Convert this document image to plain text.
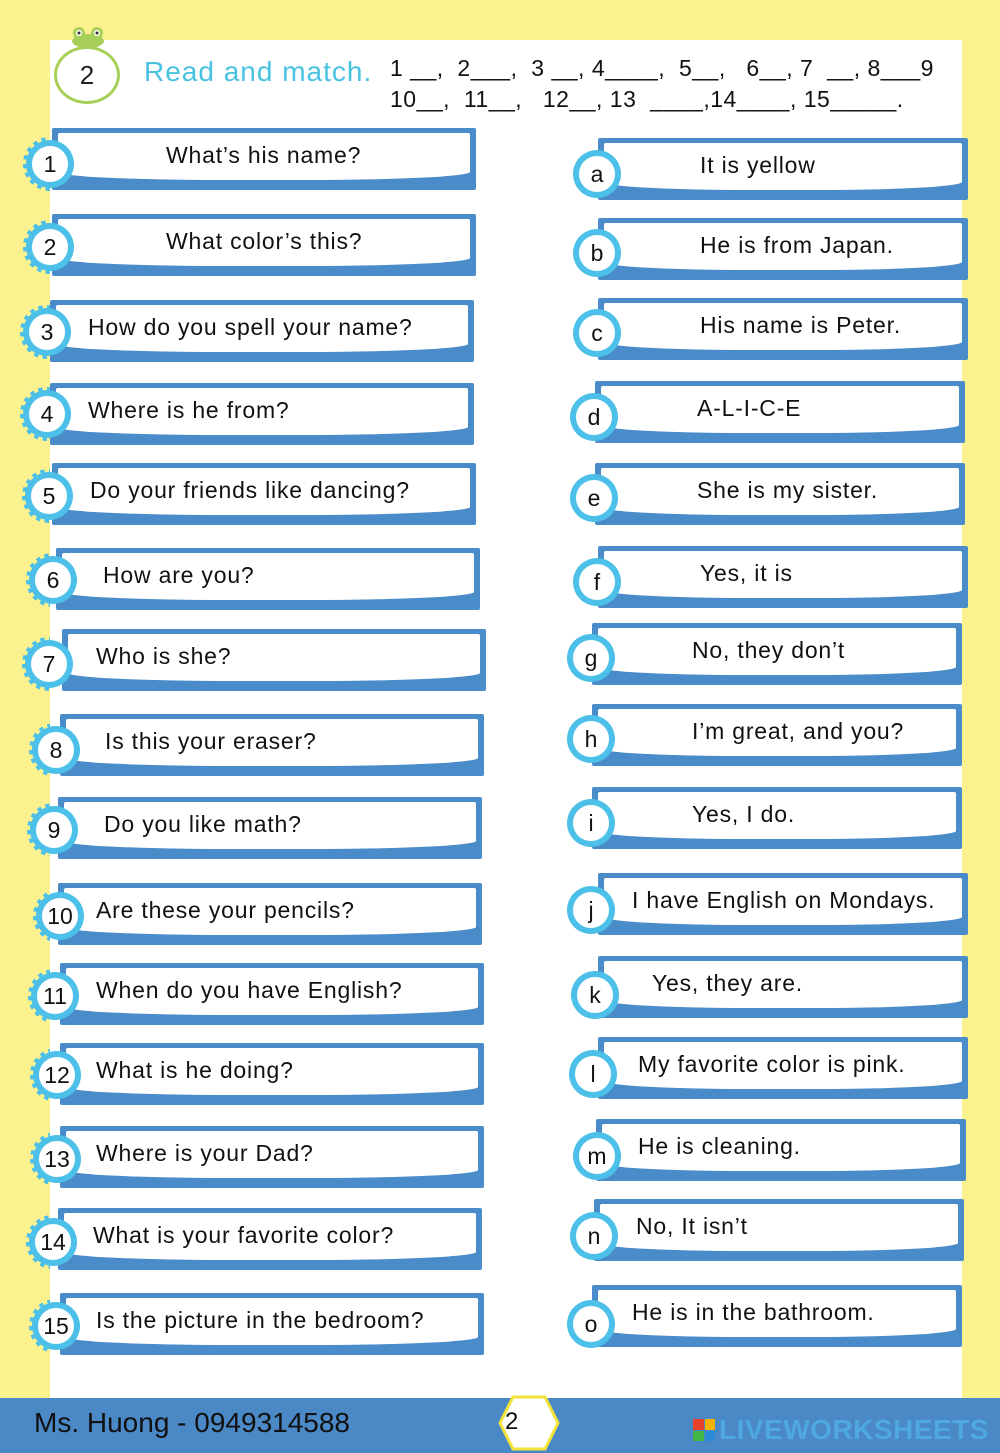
2	Read and match. 1 __,  2___,  3 __, 4____,  5__,   6__, 7  __, 8___9
10__,  11__,   12__, 13  ____,14____, 15_____.
What’s his name?
1
What color’s this?
2
How do you spell your name?
3
Where is he from?
4
Do your friends like dancing?
5
How are you?
6
Who is she?
7
Is this your eraser?
8
Do you like math?
9
Are these your pencils?
10
When do you have English?
11
What is he doing?
12
Where is your Dad?
13
What is your favorite color?
14
Is the picture in the bedroom?
15
It is yellow
a
He is from Japan.
b
His name is Peter.
c
A-L-I-C-E
d
She is my sister.
e
Yes, it is
f
No, they don’t
g
I’m great, and you?
h
Yes, I do.
i
I have English on Mondays.
j
Yes, they are.
k
My favorite color is pink.
l
He is cleaning.
m
No, It isn’t
n
He is in the bathroom.
o
Ms. Huong - 0949314588	2	LIVEWORKSHEETS
